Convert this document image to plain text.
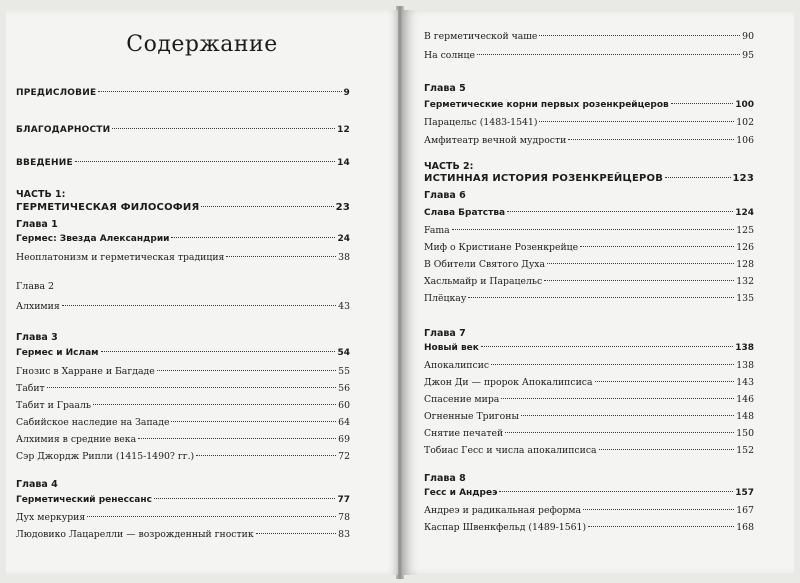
Содержание
ПРЕДИСЛОВИЕ	9
БЛАГОДАРНОСТИ	12
ВВЕДЕНИЕ	14
ЧАСТЬ 1:
ГЕРМЕТИЧЕСКАЯ ФИЛОСОФИЯ	23
Глава 1
Гермес: Звезда Александрии	24
Неоплатонизм и герметическая традиция	38
Глава 2
Алхимия	43
Глава 3
Гермес и Ислам	54
Гнозис в Харране и Багдаде	55
Табит	56
Табит и Грааль	60
Сабийское наследие на Западе	64
Алхимия в средние века	69
Сэр Джордж Рипли (1415-1490? гг.)	72
Глава 4
Герметический ренессанс	77
Дух меркурия	78
Людовико Лацарелли — возрожденный гностик	83
В герметической чаше	90
На солнце	95
Глава 5
Герметические корни первых розенкрейцеров	100
Парацельс (1483-1541)	102
Амфитеатр вечной мудрости	106
ЧАСТЬ 2:
ИСТИННАЯ ИСТОРИЯ РОЗЕНКРЕЙЦЕРОВ	123
Глава 6
Слава Братства	124
Fama	125
Миф о Кристиане Розенкрейце	126
В Обители Святого Духа	128
Хасльмайр и Парацельс	132
Плёцкау	135
Глава 7
Новый век	138
Апокалипсис	138
Джон Ди — пророк Апокалипсиса	143
Спасение мира	146
Огненные Тригоны	148
Снятие печатей	150
Тобиас Гесс и числа апокалипсиса	152
Глава 8
Гесс и Андреэ	157
Андреэ и радикальная реформа	167
Каспар Швенкфельд (1489-1561)	168
